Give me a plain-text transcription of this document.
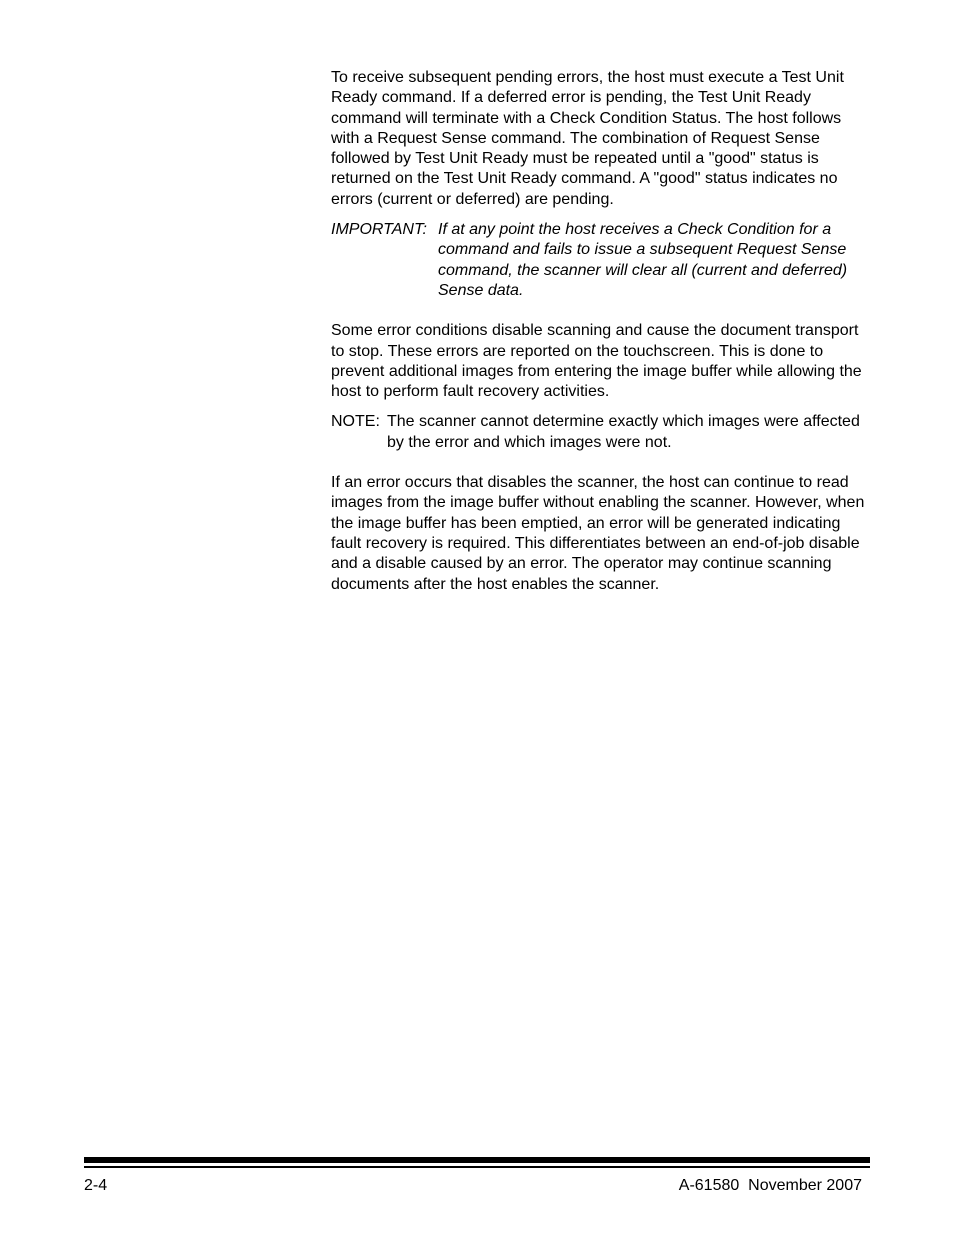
To receive subsequent pending errors, the host must execute a Test Unit Ready command. If a deferred error is pending, the Test Unit Ready command will terminate with a Check Condition Status. The host follows with a Request Sense command. The combination of Request Sense followed by Test Unit Ready must be repeated until a "good" status is returned on the Test Unit Ready command. A "good" status indicates no errors (current or deferred) are pending.

IMPORTANT: If at any point the host receives a Check Condition for a command and fails to issue a subsequent Request Sense command, the scanner will clear all (current and deferred) Sense data.

Some error conditions disable scanning and cause the document transport to stop. These errors are reported on the touchscreen. This is done to prevent additional images from entering the image buffer while allowing the host to perform fault recovery activities.

NOTE: The scanner cannot determine exactly which images were affected by the error and which images were not.

If an error occurs that disables the scanner, the host can continue to read images from the image buffer without enabling the scanner. However, when the image buffer has been emptied, an error will be generated indicating fault recovery is required. This differentiates between an end-of-job disable and a disable caused by an error. The operator may continue scanning documents after the host enables the scanner.

2-4	A-61580  November 2007
